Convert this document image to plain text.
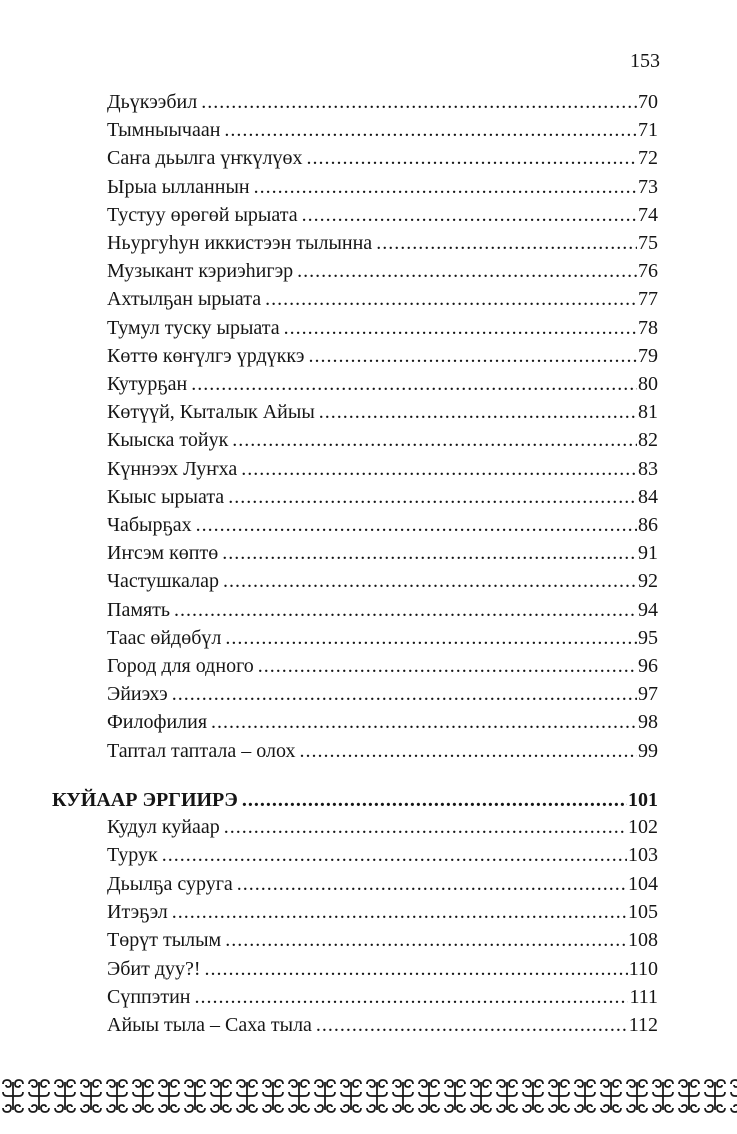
153
Дьүкээбил .....	70
Тымныычаан .....	71
Саҥа дьылга үҥкүлүөх .....	72
Ырыа ылланнын .....	73
Тустуу өрөгөй ырыата .....	74
Ньургуһун иккистээн тылынна .....	75
Музыкант кэриэһигэр .....	76
Ахтылҕан ырыата .....	77
Тумул туску ырыата .....	78
Көттө көҥүлгэ үрдүккэ .....	79
Кутурҕан .....	80
Көтүүй, Кыталык Айыы .....	81
Кыыска тойук .....	82
Күннээх Луҥха .....	83
Кыыс ырыата .....	84
Чабырҕах .....	86
Иҥсэм көптө .....	91
Частушкалар .....	92
Память .....	94
Таас өйдөбүл .....	95
Город для одного .....	96
Эйиэхэ .....	97
Филофилия .....	98
Таптал таптала – олох .....	99
КУЙААР ЭРГИИРЭ .....	101
Кудул куйаар .....	102
Турук .....	103
Дьылҕа суруга .....	104
Итэҕэл .....	105
Төрүт тылым .....	108
Эбит дуу?! .....	110
Сүппэтин .....	111
Айыы тыла – Саха тыла .....	112
